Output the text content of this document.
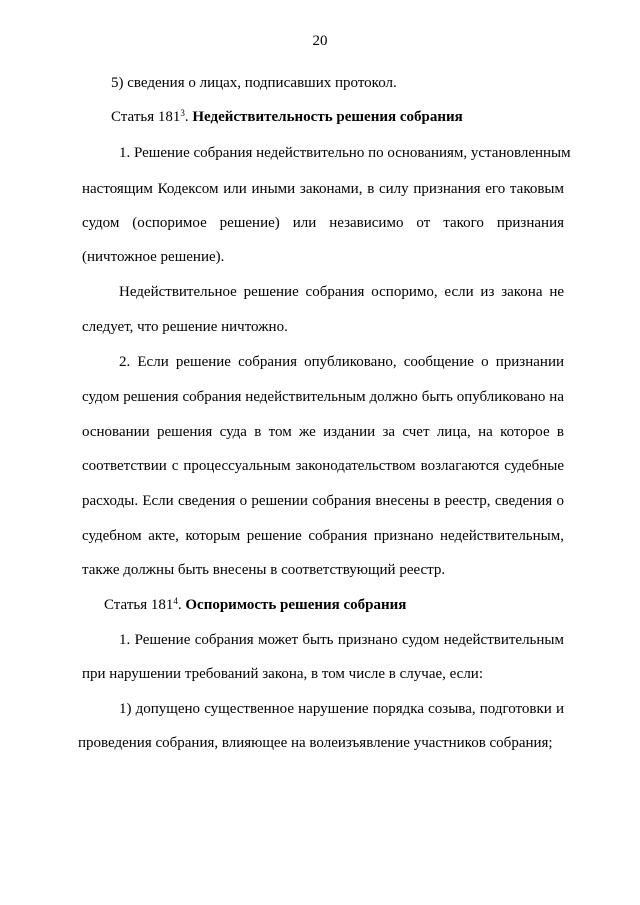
20
5) сведения о лицах, подписавших протокол.
Статья $181^3$. Недействительность решения собрания
1. Решение собрания недействительно по основаниям, установленным
настоящим Кодексом или иными законами, в силу признания его таковым
судом (оспоримое решение) или независимо от такого признания
(ничтожное решение).
Недействительное решение собрания оспоримо, если из закона не
следует, что решение ничтожно.
2. Если решение собрания опубликовано, сообщение о признании
судом решения собрания недействительным должно быть опубликовано на
основании решения суда в том же издании за счет лица, на которое в
соответствии с процессуальным законодательством возлагаются судебные
расходы. Если сведения о решении собрания внесены в реестр, сведения о
судебном акте, которым решение собрания признано недействительным,
также должны быть внесены в соответствующий реестр.
Статья $181^4$. Оспоримость решения собрания
1. Решение собрания может быть признано судом недействительным
при нарушении требований закона, в том числе в случае, если:
1) допущено существенное нарушение порядка созыва, подготовки и
проведения собрания, влияющее на волеизъявление участников собрания;
